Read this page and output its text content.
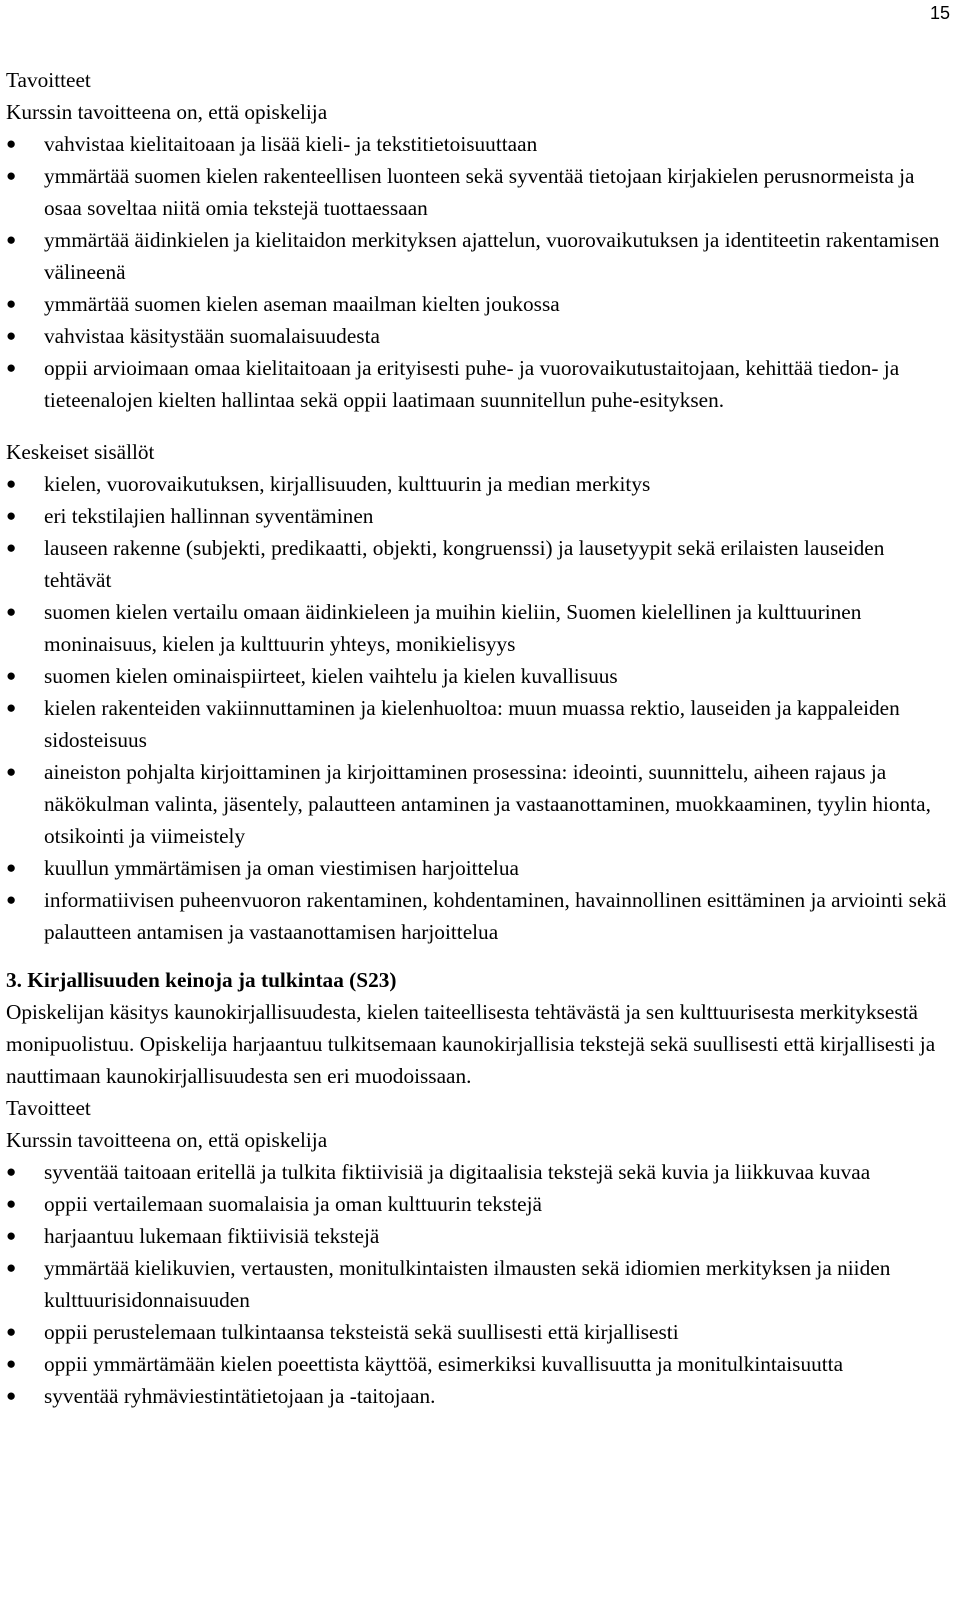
15
Tavoitteet
Kurssin tavoitteena on, että opiskelija
● vahvistaa kielitaitoaan ja lisää kieli- ja tekstitietoisuuttaan
● ymmärtää suomen kielen rakenteellisen luonteen sekä syventää tietojaan kirjakielen perusnormeista ja osaa soveltaa niitä omia tekstejä tuottaessaan
● ymmärtää äidinkielen ja kielitaidon merkityksen ajattelun, vuorovaikutuksen ja identiteetin rakentamisen välineenä
● ymmärtää suomen kielen aseman maailman kielten joukossa
● vahvistaa käsitystään suomalaisuudesta
● oppii arvioimaan omaa kielitaitoaan ja erityisesti puhe- ja vuorovaikutustaitojaan, kehittää tiedon- ja tieteenalojen kielten hallintaa sekä oppii laatimaan suunnitellun puhe-esityksen.
Keskeiset sisällöt
● kielen, vuorovaikutuksen, kirjallisuuden, kulttuurin ja median merkitys
● eri tekstilajien hallinnan syventäminen
● lauseen rakenne (subjekti, predikaatti, objekti, kongruenssi) ja lausetyypit sekä erilaisten lauseiden tehtävät
● suomen kielen vertailu omaan äidinkieleen ja muihin kieliin, Suomen kielellinen ja kulttuurinen moninaisuus, kielen ja kulttuurin yhteys, monikielisyys
● suomen kielen ominaispiirteet, kielen vaihtelu ja kielen kuvallisuus
● kielen rakenteiden vakiinnuttaminen ja kielenhuoltoa: muun muassa rektio, lauseiden ja kappaleiden sidosteisuus
● aineiston pohjalta kirjoittaminen ja kirjoittaminen prosessina: ideointi, suunnittelu, aiheen rajaus ja näkökulman valinta, jäsentely, palautteen antaminen ja vastaanottaminen, muokkaaminen, tyylin hionta, otsikointi ja viimeistely
● kuullun ymmärtämisen ja oman viestimisen harjoittelua
● informatiivisen puheenvuoron rakentaminen, kohdentaminen, havainnollinen esittäminen ja arviointi sekä palautteen antamisen ja vastaanottamisen harjoittelua
3. Kirjallisuuden keinoja ja tulkintaa (S23)
Opiskelijan käsitys kaunokirjallisuudesta, kielen taiteellisesta tehtävästä ja sen kulttuurisesta merkityksestä monipuolistuu. Opiskelija harjaantuu tulkitsemaan kaunokirjallisia tekstejä sekä suullisesti että kirjallisesti ja nauttimaan kaunokirjallisuudesta sen eri muodoissaan.
Tavoitteet
Kurssin tavoitteena on, että opiskelija
● syventää taitoaan eritellä ja tulkita fiktiivisiä ja digitaalisia tekstejä sekä kuvia ja liikkuvaa kuvaa
● oppii vertailemaan suomalaisia ja oman kulttuurin tekstejä
● harjaantuu lukemaan fiktiivisiä tekstejä
● ymmärtää kielikuvien, vertausten, monitulkintaisten ilmausten sekä idiomien merkityksen ja niiden kulttuurisidonnaisuuden
● oppii perustelemaan tulkintaansa teksteistä sekä suullisesti että kirjallisesti
● oppii ymmärtämään kielen poeettista käyttöä, esimerkiksi kuvallisuutta ja monitulkintaisuutta
● syventää ryhmäviestintätietojaan ja -taitojaan.
